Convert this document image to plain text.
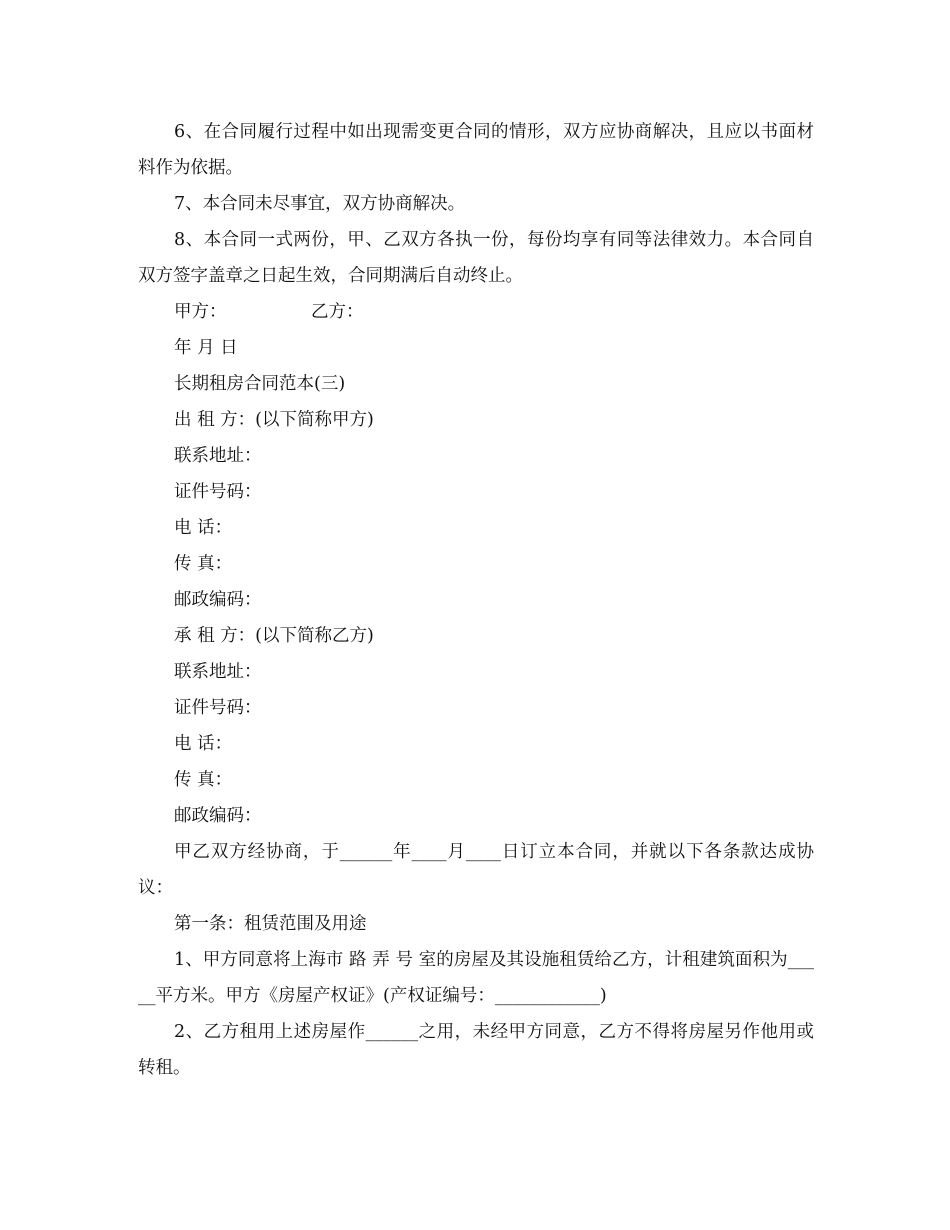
6、在合同履行过程中如出现需变更合同的情形，双方应协商解决，且应以书面材料作为依据。

7、本合同未尽事宜，双方协商解决。

8、本合同一式两份，甲、乙双方各执一份，每份均享有同等法律效力。本合同自双方签字盖章之日起生效，合同期满后自动终止。

甲方：	乙方：

年 月 日

长期租房合同范本(三)

出 租 方：(以下简称甲方)

联系地址：

证件号码：

电 话：

传 真：

邮政编码：

承 租 方：(以下简称乙方)

联系地址：

证件号码：

电 话：

传 真：

邮政编码：

甲乙双方经协商，于______年____月____日订立本合同，并就以下各条款达成协议：

第一条：租赁范围及用途

1、甲方同意将上海市 路 弄 号 室的房屋及其设施租赁给乙方，计租建筑面积为_____平方米。甲方《房屋产权证》(产权证编号：____________)

2、乙方租用上述房屋作______之用，未经甲方同意，乙方不得将房屋另作他用或转租。
